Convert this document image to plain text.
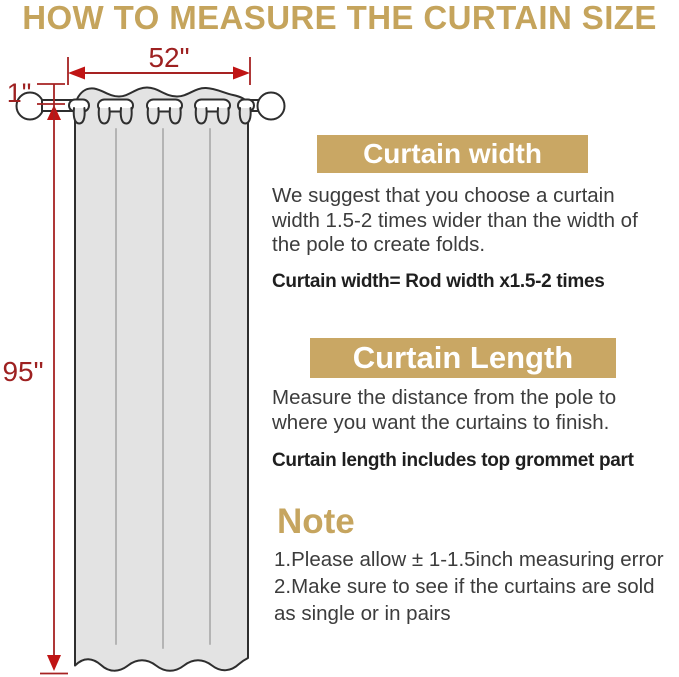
HOW TO MEASURE THE CURTAIN SIZE
52"
1"
95"
Curtain width
We suggest that you choose a curtain width 1.5-2 times wider than the width of the pole to create folds.
Curtain width= Rod width x1.5-2 times
Curtain Length
Measure the distance from the pole to where you want the curtains to finish.
Curtain length includes top grommet part
Note
1.Please allow ± 1-1.5inch measuring error
2.Make sure to see if the curtains are sold as single or in pairs
